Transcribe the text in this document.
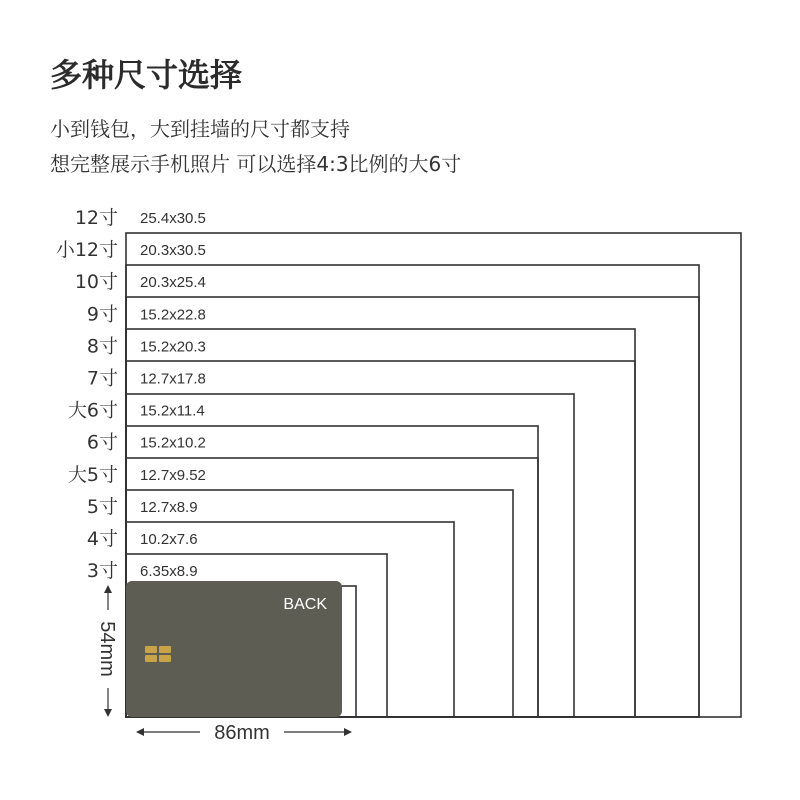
多种尺寸选择
小到钱包，大到挂墙的尺寸都支持
想完整展示手机照片 可以选择4:3比例的大6寸
12寸 25.4x30.5
小12寸 20.3x30.5
10寸 20.3x25.4
9寸 15.2x22.8
8寸 15.2x20.3
7寸 12.7x17.8
大6寸 15.2x11.4
6寸 15.2x10.2
大5寸 12.7x9.52
5寸 12.7x8.9
4寸 10.2x7.6
3寸 6.35x8.9
BACK
86mm
54mm
